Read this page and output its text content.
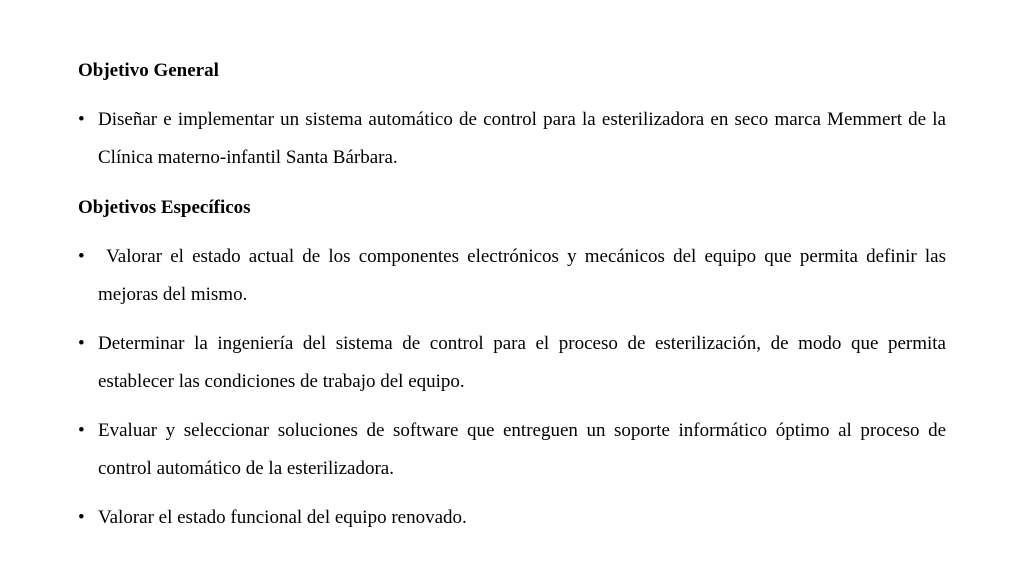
Objetivo General
• Diseñar e implementar un sistema automático de control para la esterilizadora en seco marca Memmert de la Clínica materno-infantil Santa Bárbara.
Objetivos Específicos
• Valorar el estado actual de los componentes electrónicos y mecánicos del equipo que permita definir las mejoras del mismo.
• Determinar la ingeniería del sistema de control para el proceso de esterilización, de modo que permita establecer las condiciones de trabajo del equipo.
• Evaluar y seleccionar soluciones de software que entreguen un soporte informático óptimo al proceso de control automático de la esterilizadora.
• Valorar el estado funcional del equipo renovado.
